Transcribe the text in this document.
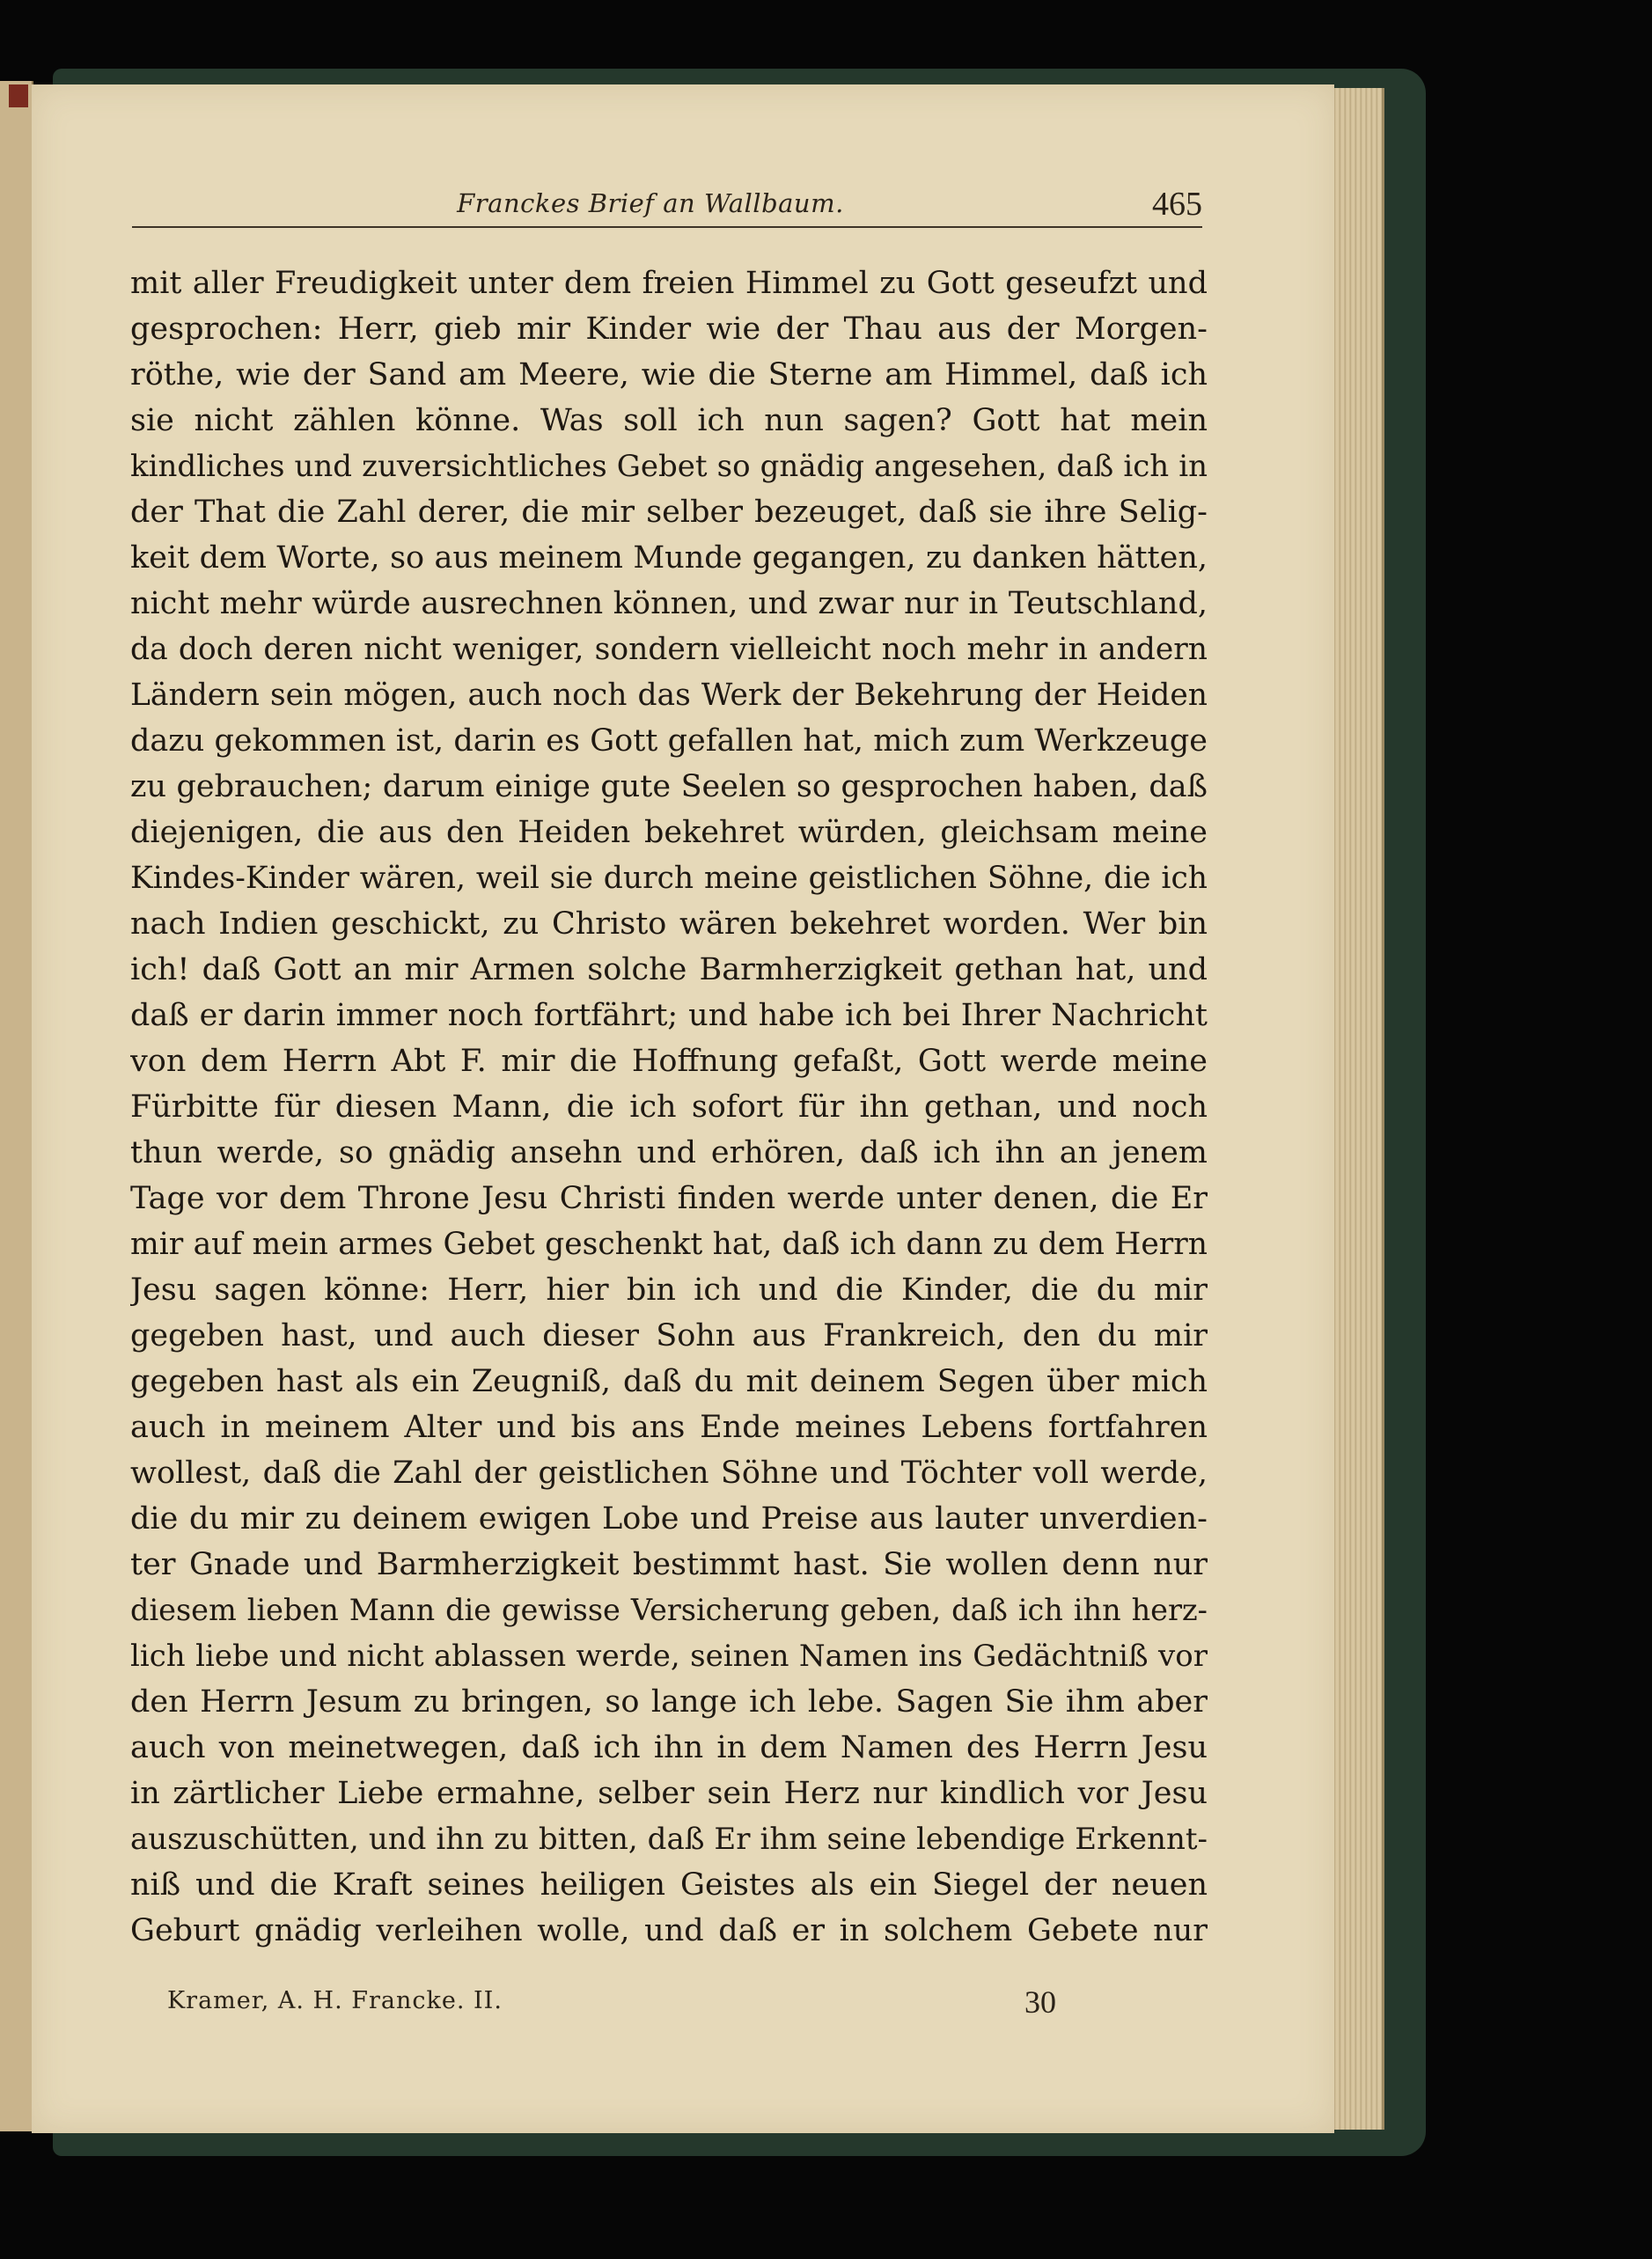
Franckes Brief an Wallbaum.	465
mit aller Freudigkeit unter dem freien Himmel zu Gott geseufzt und
gesprochen: Herr, gieb mir Kinder wie der Thau aus der Morgen-
röthe, wie der Sand am Meere, wie die Sterne am Himmel, daß ich
sie nicht zählen könne. Was soll ich nun sagen? Gott hat mein
kindliches und zuversichtliches Gebet so gnädig angesehen, daß ich in
der That die Zahl derer, die mir selber bezeuget, daß sie ihre Selig-
keit dem Worte, so aus meinem Munde gegangen, zu danken hätten,
nicht mehr würde ausrechnen können, und zwar nur in Teutschland,
da doch deren nicht weniger, sondern vielleicht noch mehr in andern
Ländern sein mögen, auch noch das Werk der Bekehrung der Heiden
dazu gekommen ist, darin es Gott gefallen hat, mich zum Werkzeuge
zu gebrauchen; darum einige gute Seelen so gesprochen haben, daß
diejenigen, die aus den Heiden bekehret würden, gleichsam meine
Kindes-Kinder wären, weil sie durch meine geistlichen Söhne, die ich
nach Indien geschickt, zu Christo wären bekehret worden. Wer bin
ich! daß Gott an mir Armen solche Barmherzigkeit gethan hat, und
daß er darin immer noch fortfährt; und habe ich bei Ihrer Nachricht
von dem Herrn Abt F. mir die Hoffnung gefaßt, Gott werde meine
Fürbitte für diesen Mann, die ich sofort für ihn gethan, und noch
thun werde, so gnädig ansehn und erhören, daß ich ihn an jenem
Tage vor dem Throne Jesu Christi finden werde unter denen, die Er
mir auf mein armes Gebet geschenkt hat, daß ich dann zu dem Herrn
Jesu sagen könne: Herr, hier bin ich und die Kinder, die du mir
gegeben hast, und auch dieser Sohn aus Frankreich, den du mir
gegeben hast als ein Zeugniß, daß du mit deinem Segen über mich
auch in meinem Alter und bis ans Ende meines Lebens fortfahren
wollest, daß die Zahl der geistlichen Söhne und Töchter voll werde,
die du mir zu deinem ewigen Lobe und Preise aus lauter unverdien-
ter Gnade und Barmherzigkeit bestimmt hast. Sie wollen denn nur
diesem lieben Mann die gewisse Versicherung geben, daß ich ihn herz-
lich liebe und nicht ablassen werde, seinen Namen ins Gedächtniß vor
den Herrn Jesum zu bringen, so lange ich lebe. Sagen Sie ihm aber
auch von meinetwegen, daß ich ihn in dem Namen des Herrn Jesu
in zärtlicher Liebe ermahne, selber sein Herz nur kindlich vor Jesu
auszuschütten, und ihn zu bitten, daß Er ihm seine lebendige Erkennt-
niß und die Kraft seines heiligen Geistes als ein Siegel der neuen
Geburt gnädig verleihen wolle, und daß er in solchem Gebete nur
Kramer, A. H. Francke. II.	30
